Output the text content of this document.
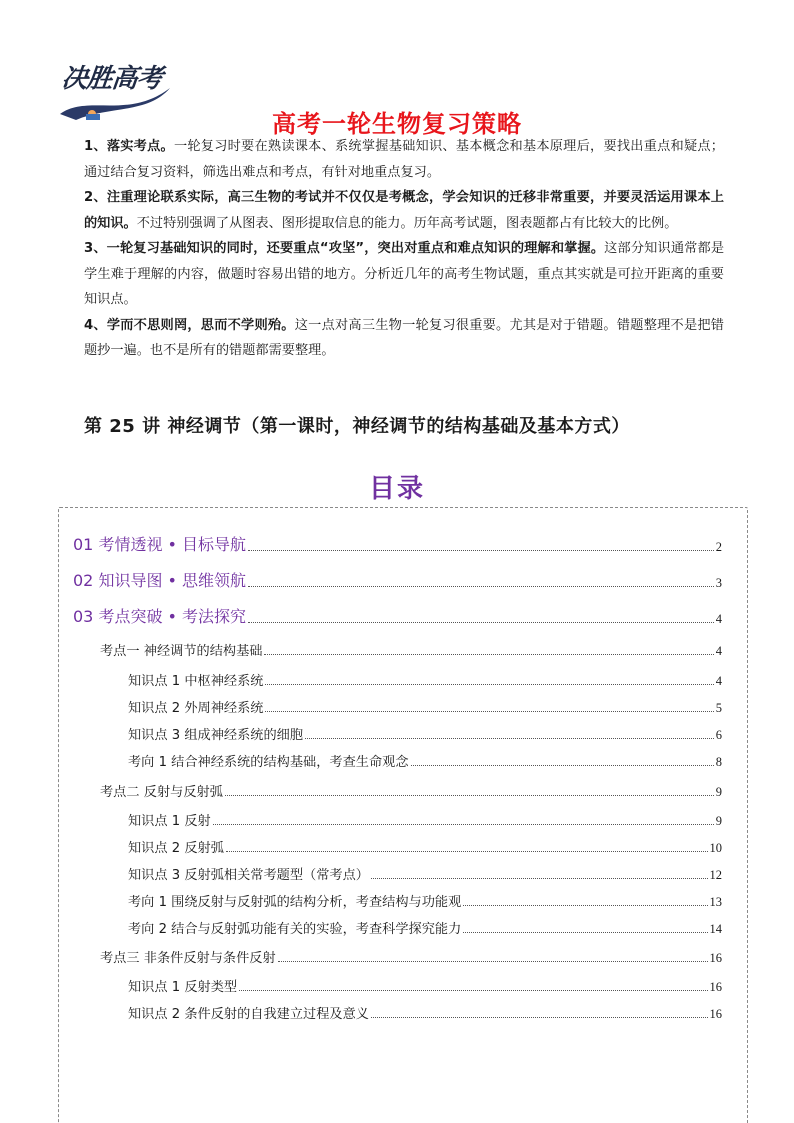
决胜高考
高考一轮生物复习策略

1、落实考点。一轮复习时要在熟读课本、系统掌握基础知识、基本概念和基本原理后，要找出重点和疑点；通过结合复习资料，筛选出难点和考点，有针对地重点复习。

2、注重理论联系实际，高三生物的考试并不仅仅是考概念，学会知识的迁移非常重要，并要灵活运用课本上的知识。不过特别强调了从图表、图形提取信息的能力。历年高考试题，图表题都占有比较大的比例。

3、一轮复习基础知识的同时，还要重点“攻坚”，突出对重点和难点知识的理解和掌握。这部分知识通常都是学生难于理解的内容，做题时容易出错的地方。分析近几年的高考生物试题，重点其实就是可拉开距离的重要知识点。

4、学而不思则罔，思而不学则殆。这一点对高三生物一轮复习很重要。尤其是对于错题。错题整理不是把错题抄一遍。也不是所有的错题都需要整理。

第 25 讲 神经调节（第一课时，神经调节的结构基础及基本方式）
目录
01 考情透视 • 目标导航	2
02 知识导图 • 思维领航	3
03 考点突破 • 考法探究	4
考点一 神经调节的结构基础	4
知识点 1 中枢神经系统	4
知识点 2 外周神经系统	5
知识点 3 组成神经系统的细胞	6
考向 1 结合神经系统的结构基础，考查生命观念	8
考点二 反射与反射弧	9
知识点 1 反射	9
知识点 2 反射弧	10
知识点 3 反射弧相关常考题型（常考点）	12
考向 1 围绕反射与反射弧的结构分析，考查结构与功能观	13
考向 2 结合与反射弧功能有关的实验，考查科学探究能力	14
考点三 非条件反射与条件反射	16
知识点 1 反射类型	16
知识点 2 条件反射的自我建立过程及意义	16
